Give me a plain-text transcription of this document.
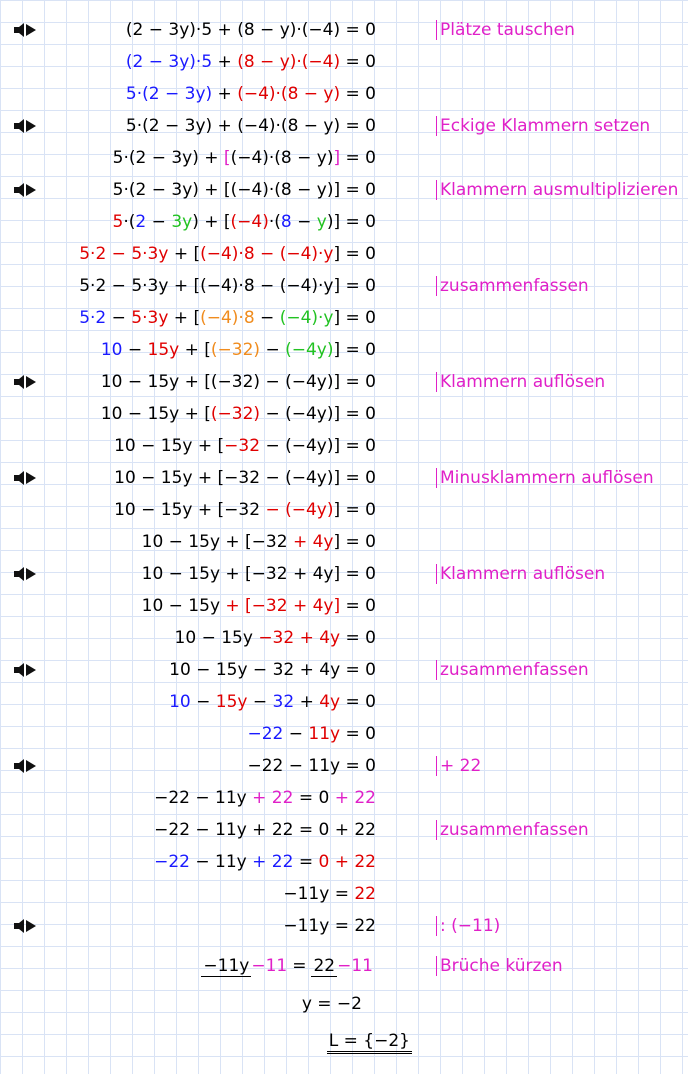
(2 − 3y)·5 + (8 − y)·(−4) = 0	Plätze tauschen
(2 − 3y)·5 + (8 − y)·(−4) = 0
5·(2 − 3y) + (−4)·(8 − y) = 0
5·(2 − 3y) + (−4)·(8 − y) = 0	Eckige Klammern setzen
5·(2 − 3y) + [ (−4)·(8 − y) ] = 0
5·(2 − 3y) + [(−4)·(8 − y)] = 0	Klammern ausmultiplizieren
5 ·( 2 − 3y ) + [ (−4) ·( 8 − y )] = 0
5·2 − 5·3y + [ (−4)·8 − (−4)·y ] = 0
5·2 − 5·3y + [(−4)·8 − (−4)·y] = 0	zusammenfassen
5·2 − 5·3y + [ (−4)·8 − (−4)·y ] = 0
10 − 15y + [ (−32) − (−4y) ] = 0
10 − 15y + [(−32) − (−4y)] = 0	Klammern auflösen
10 − 15y + [ (−32) − (−4y)] = 0
10 − 15y + [ −32 − (−4y)] = 0
10 − 15y + [−32 − (−4y)] = 0	Minusklammern auflösen
10 − 15y + [−32 − (−4y) ] = 0
10 − 15y + [−32 + 4y ] = 0
10 − 15y + [−32 + 4y] = 0	Klammern auflösen
10 − 15y + [−32 + 4y] = 0
10 − 15y −32 + 4y = 0
10 − 15y − 32 + 4y = 0	zusammenfassen
10 − 15y − 32 + 4y = 0
−22 − 11y = 0
−22 − 11y = 0	+ 22
−22 − 11y + 22 = 0 + 22
−22 − 11y + 22 = 0 + 22	zusammenfassen
−22 − 11y + 22 = 0 + 22
−11y = 22
−11y = 22	: (−11)
−11y −11 = 22 −11	Brüche kürzen
y = −2
L = {−2}
